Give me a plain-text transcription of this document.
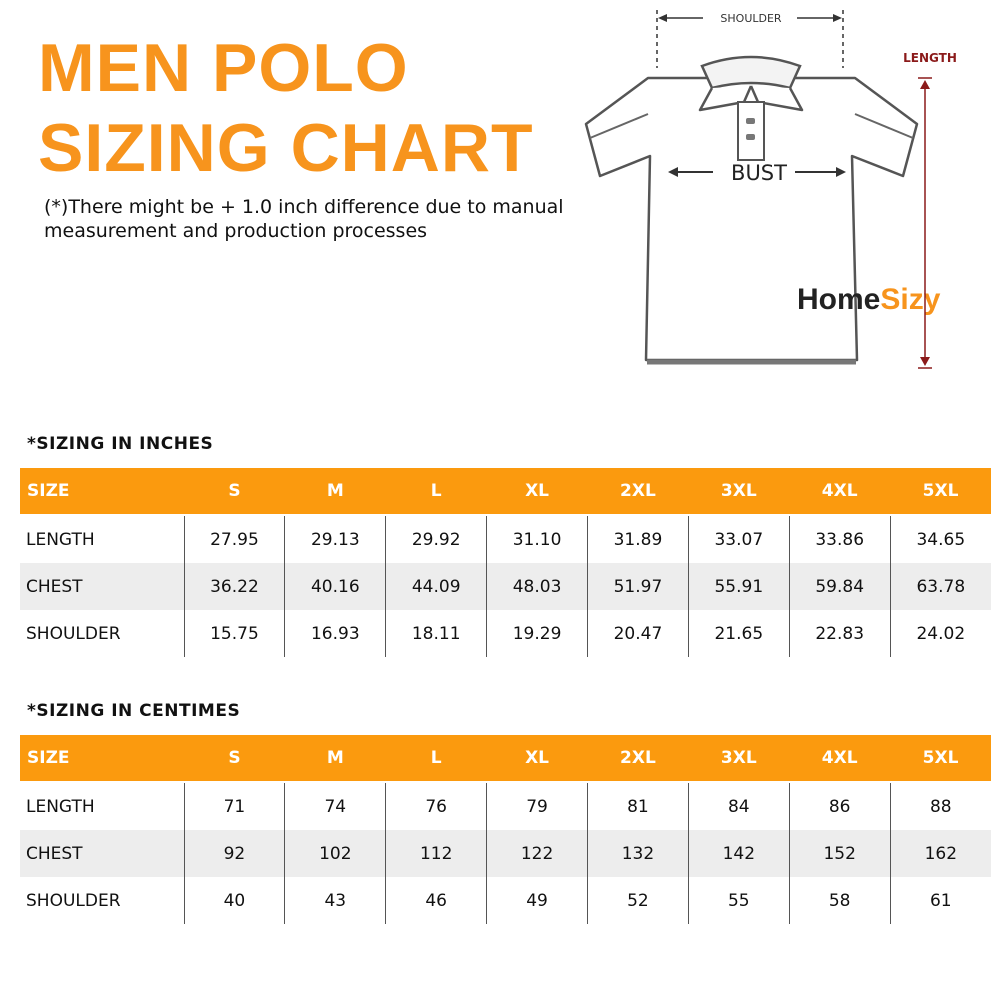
MEN POLO
SIZING CHART
(*)There might be + 1.0 inch difference due to manual measurement and production processes
SHOULDER
BUST
HomeSizy
LENGTH
*SIZING IN INCHES
SIZE	S	M	L	XL	2XL	3XL	4XL	5XL
LENGTH	27.95	29.13	29.92	31.10	31.89	33.07	33.86	34.65
CHEST	36.22	40.16	44.09	48.03	51.97	55.91	59.84	63.78
SHOULDER	15.75	16.93	18.11	19.29	20.47	21.65	22.83	24.02
*SIZING IN CENTIMES
SIZE	S	M	L	XL	2XL	3XL	4XL	5XL
LENGTH	71	74	76	79	81	84	86	88
CHEST	92	102	112	122	132	142	152	162
SHOULDER	40	43	46	49	52	55	58	61
